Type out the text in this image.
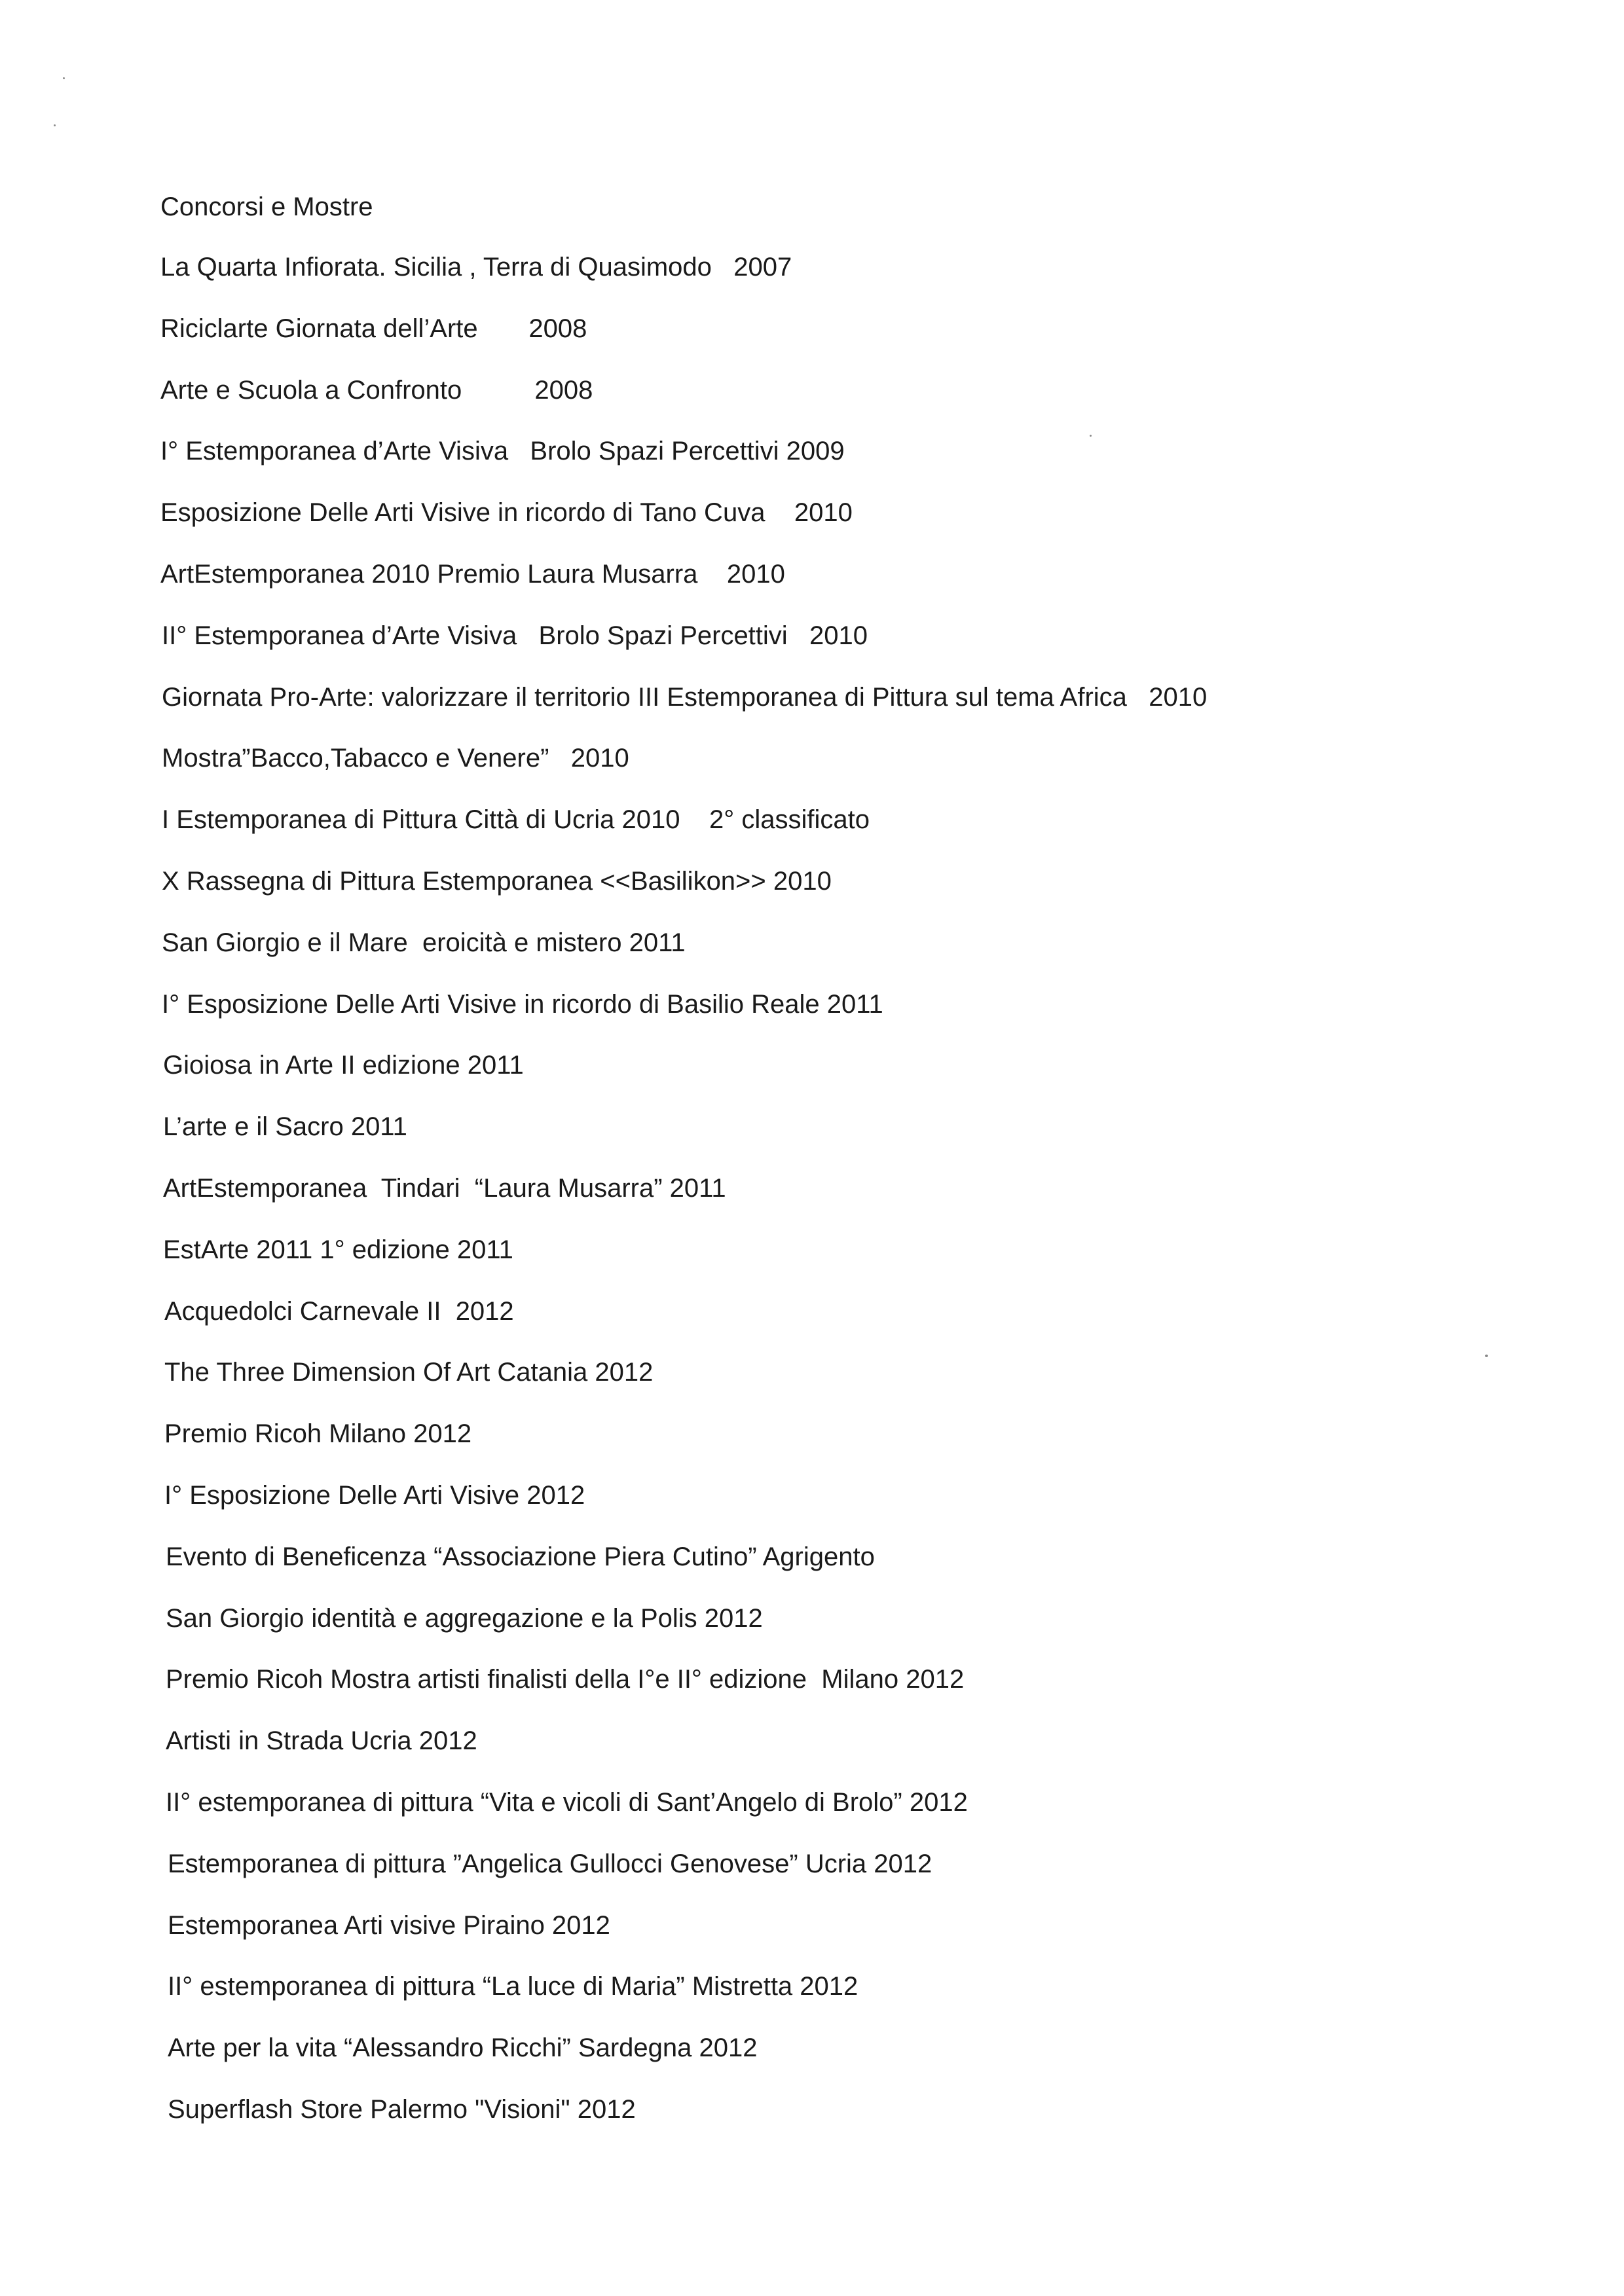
Concorsi e Mostre
La Quarta Infiorata. Sicilia , Terra di Quasimodo   2007
Riciclarte Giornata dell’Arte       2008
Arte e Scuola a Confronto          2008
I° Estemporanea d’Arte Visiva   Brolo Spazi Percettivi 2009
Esposizione Delle Arti Visive in ricordo di Tano Cuva    2010
ArtEstemporanea 2010 Premio Laura Musarra    2010
II° Estemporanea d’Arte Visiva   Brolo Spazi Percettivi   2010
Giornata Pro-Arte: valorizzare il territorio III Estemporanea di Pittura sul tema Africa   2010
Mostra”Bacco,Tabacco e Venere”   2010
I Estemporanea di Pittura Città di Ucria 2010    2° classificato
X Rassegna di Pittura Estemporanea <<Basilikon>> 2010
San Giorgio e il Mare  eroicità e mistero 2011
I° Esposizione Delle Arti Visive in ricordo di Basilio Reale 2011
Gioiosa in Arte II edizione 2011
L’arte e il Sacro 2011
ArtEstemporanea  Tindari  “Laura Musarra” 2011
EstArte 2011 1° edizione 2011
Acquedolci Carnevale II  2012
The Three Dimension Of Art Catania 2012
Premio Ricoh Milano 2012
I° Esposizione Delle Arti Visive 2012
Evento di Beneficenza “Associazione Piera Cutino” Agrigento
San Giorgio identità e aggregazione e la Polis 2012
Premio Ricoh Mostra artisti finalisti della I°e II° edizione  Milano 2012
Artisti in Strada Ucria 2012
II° estemporanea di pittura “Vita e vicoli di Sant’Angelo di Brolo” 2012
Estemporanea di pittura ”Angelica Gullocci Genovese” Ucria 2012
Estemporanea Arti visive Piraino 2012
II° estemporanea di pittura “La luce di Maria” Mistretta 2012
Arte per la vita “Alessandro Ricchi” Sardegna 2012
Superflash Store Palermo "Visioni" 2012
